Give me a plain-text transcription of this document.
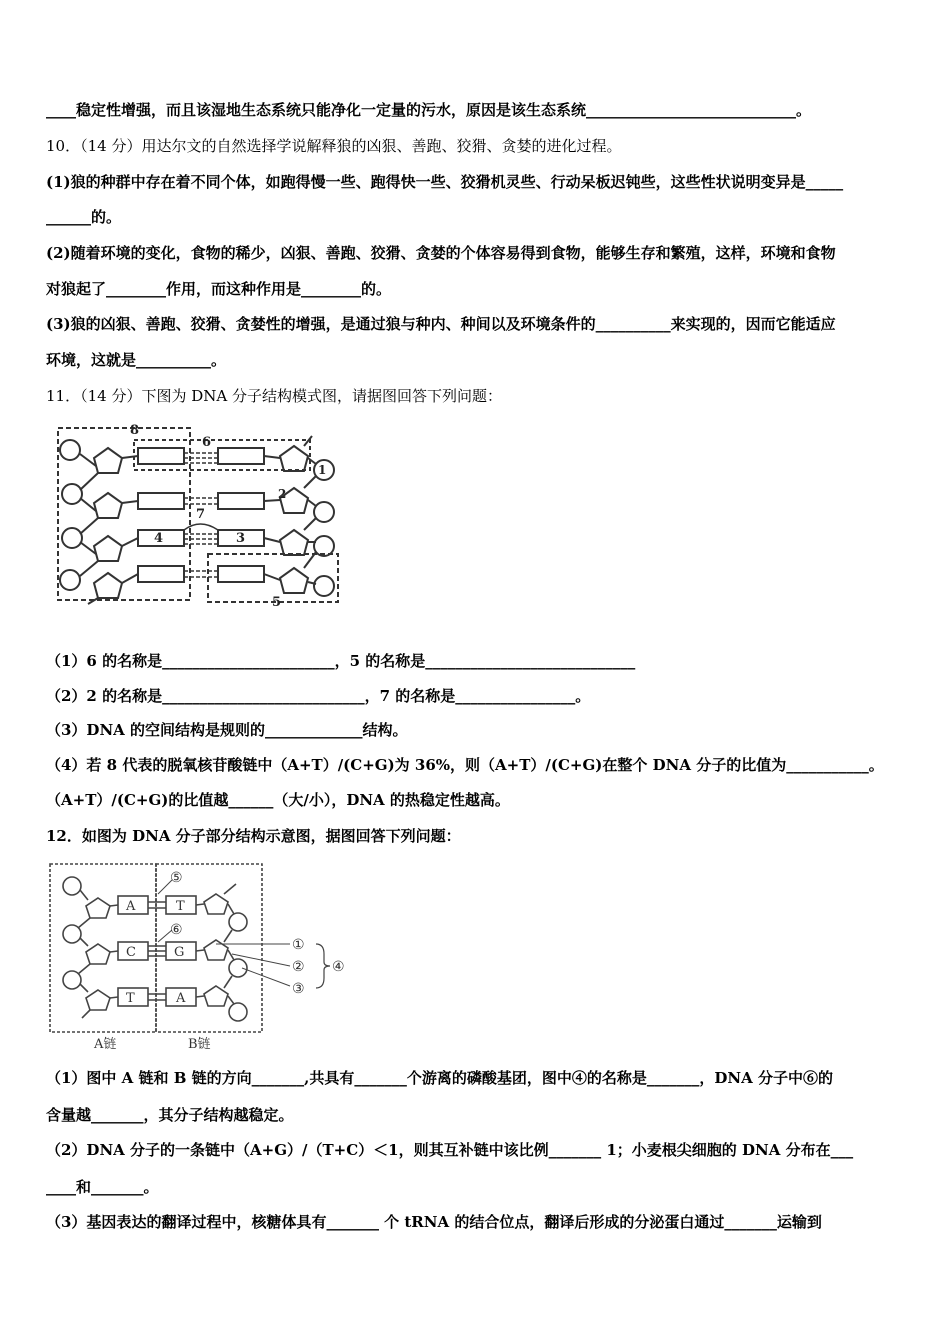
____稳定性增强，而且该湿地生态系统只能净化一定量的污水，原因是该生态系统____________________________。
10．（14 分）用达尔文的自然选择学说解释狼的凶狠、善跑、狡猾、贪婪的进化过程。
(1)狼的种群中存在着不同个体，如跑得慢一些、跑得快一些、狡猾机灵些、行动呆板迟钝些，这些性状说明变异是_____
______的。
(2)随着环境的变化，食物的稀少，凶狠、善跑、狡猾、贪婪的个体容易得到食物，能够生存和繁殖，这样，环境和食物
对狼起了________作用，而这种作用是________的。
(3)狼的凶狠、善跑、狡猾、贪婪性的增强，是通过狼与种内、种间以及环境条件的__________来实现的，因而它能适应
环境，这就是__________。
11．（14 分）下图为 DNA 分子结构模式图，请据图回答下列问题：
8
6
7
5
4	3
1
2
（1）6 的名称是_______________________，5 的名称是____________________________
（2）2 的名称是___________________________，7 的名称是________________。
（3）DNA 的空间结构是规则的_____________结构。
（4）若 8 代表的脱氧核苷酸链中（A+T）/(C+G)为 36%，则（A+T）/(C+G)在整个 DNA 分子的比值为___________。
（A+T）/(C+G)的比值越______（大/小），DNA 的热稳定性越高。
12．如图为 DNA 分子部分结构示意图，据图回答下列问题：
A
C
T
T
G
A
⑤
⑥
①
②
③
④
A链	B链
（1）图中 A 链和 B 链的方向_______,共具有_______个游离的磷酸基团，图中④的名称是_______，DNA 分子中⑥的
含量越_______，其分子结构越稳定。
（2）DNA 分子的一条链中（A+G）/（T+C）＜1，则其互补链中该比例_______ 1；小麦根尖细胞的 DNA 分布在___
____和_______。
（3）基因表达的翻译过程中，核糖体具有_______ 个 tRNA 的结合位点，翻译后形成的分泌蛋白通过_______运输到
